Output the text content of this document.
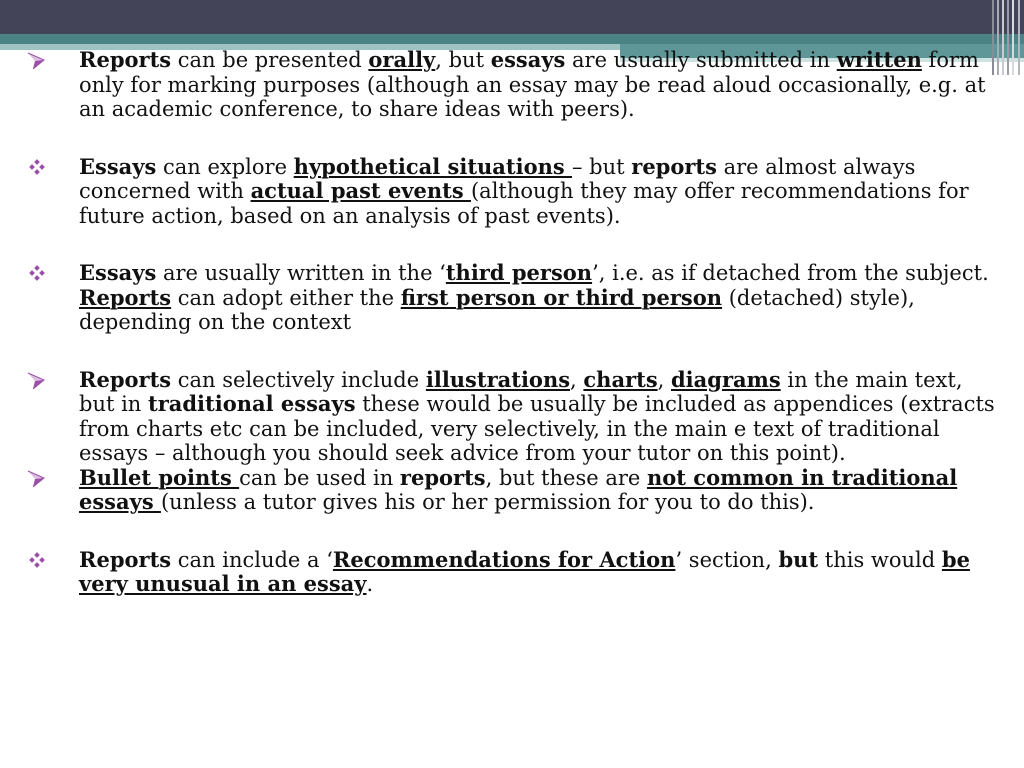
Reports can be presented orally, but essays are usually submitted in written form only for marking purposes (although an essay may be read aloud occasionally, e.g. at an academic conference, to share ideas with peers).
Essays can explore hypothetical situations – but reports are almost always concerned with actual past events (although they may offer recommendations for future action, based on an analysis of past events).
Essays are usually written in the ‘third person’, i.e. as if detached from the subject. Reports can adopt either the first person or third person (detached) style), depending on the context
Reports can selectively include illustrations, charts, diagrams in the main text, but in traditional essays these would be usually be included as appendices (extracts from charts etc can be included, very selectively, in the main e text of traditional essays – although you should seek advice from your tutor on this point).
Bullet points can be used in reports, but these are not common in traditional essays (unless a tutor gives his or her permission for you to do this).
Reports can include a ‘Recommendations for Action’ section, but this would be very unusual in an essay.
